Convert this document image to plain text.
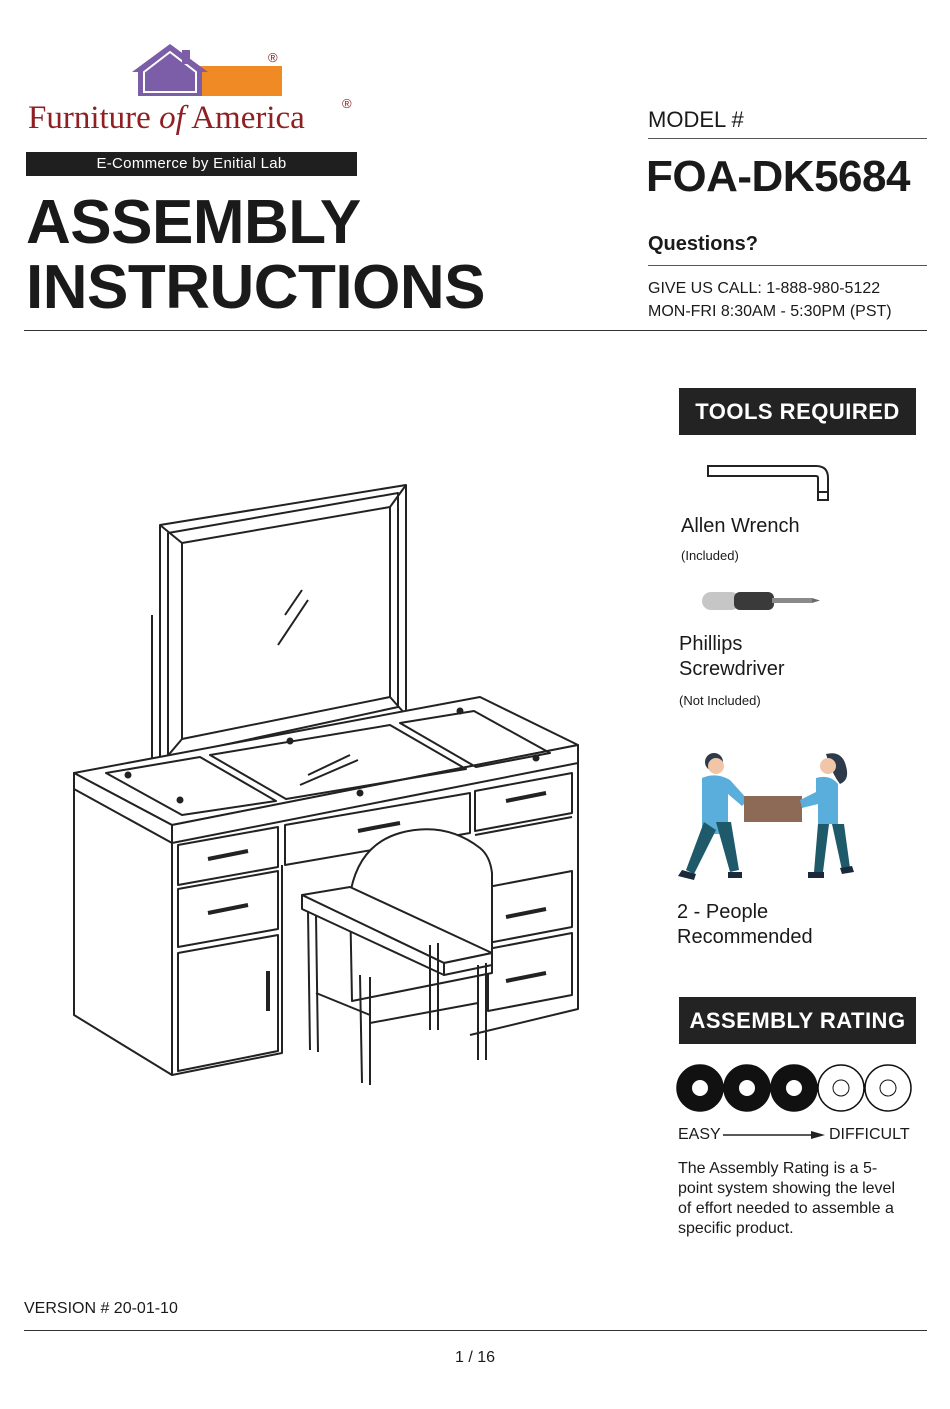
®
Furniture of America	®
E-Commerce by Enitial Lab
ASSEMBLY
INSTRUCTIONS
MODEL #
FOA-DK5684
Questions?
GIVE US CALL: 1-888-980-5122
MON-FRI 8:30AM - 5:30PM (PST)
TOOLS REQUIRED
Allen Wrench
(Included)
Phillips
Screwdriver
(Not Included)
2 - People
Recommended
ASSEMBLY RATING
EASY	DIFFICULT
The Assembly Rating is a 5-point system showing the level of effort needed to assemble a specific product.
VERSION # 20-01-10
1 / 16
